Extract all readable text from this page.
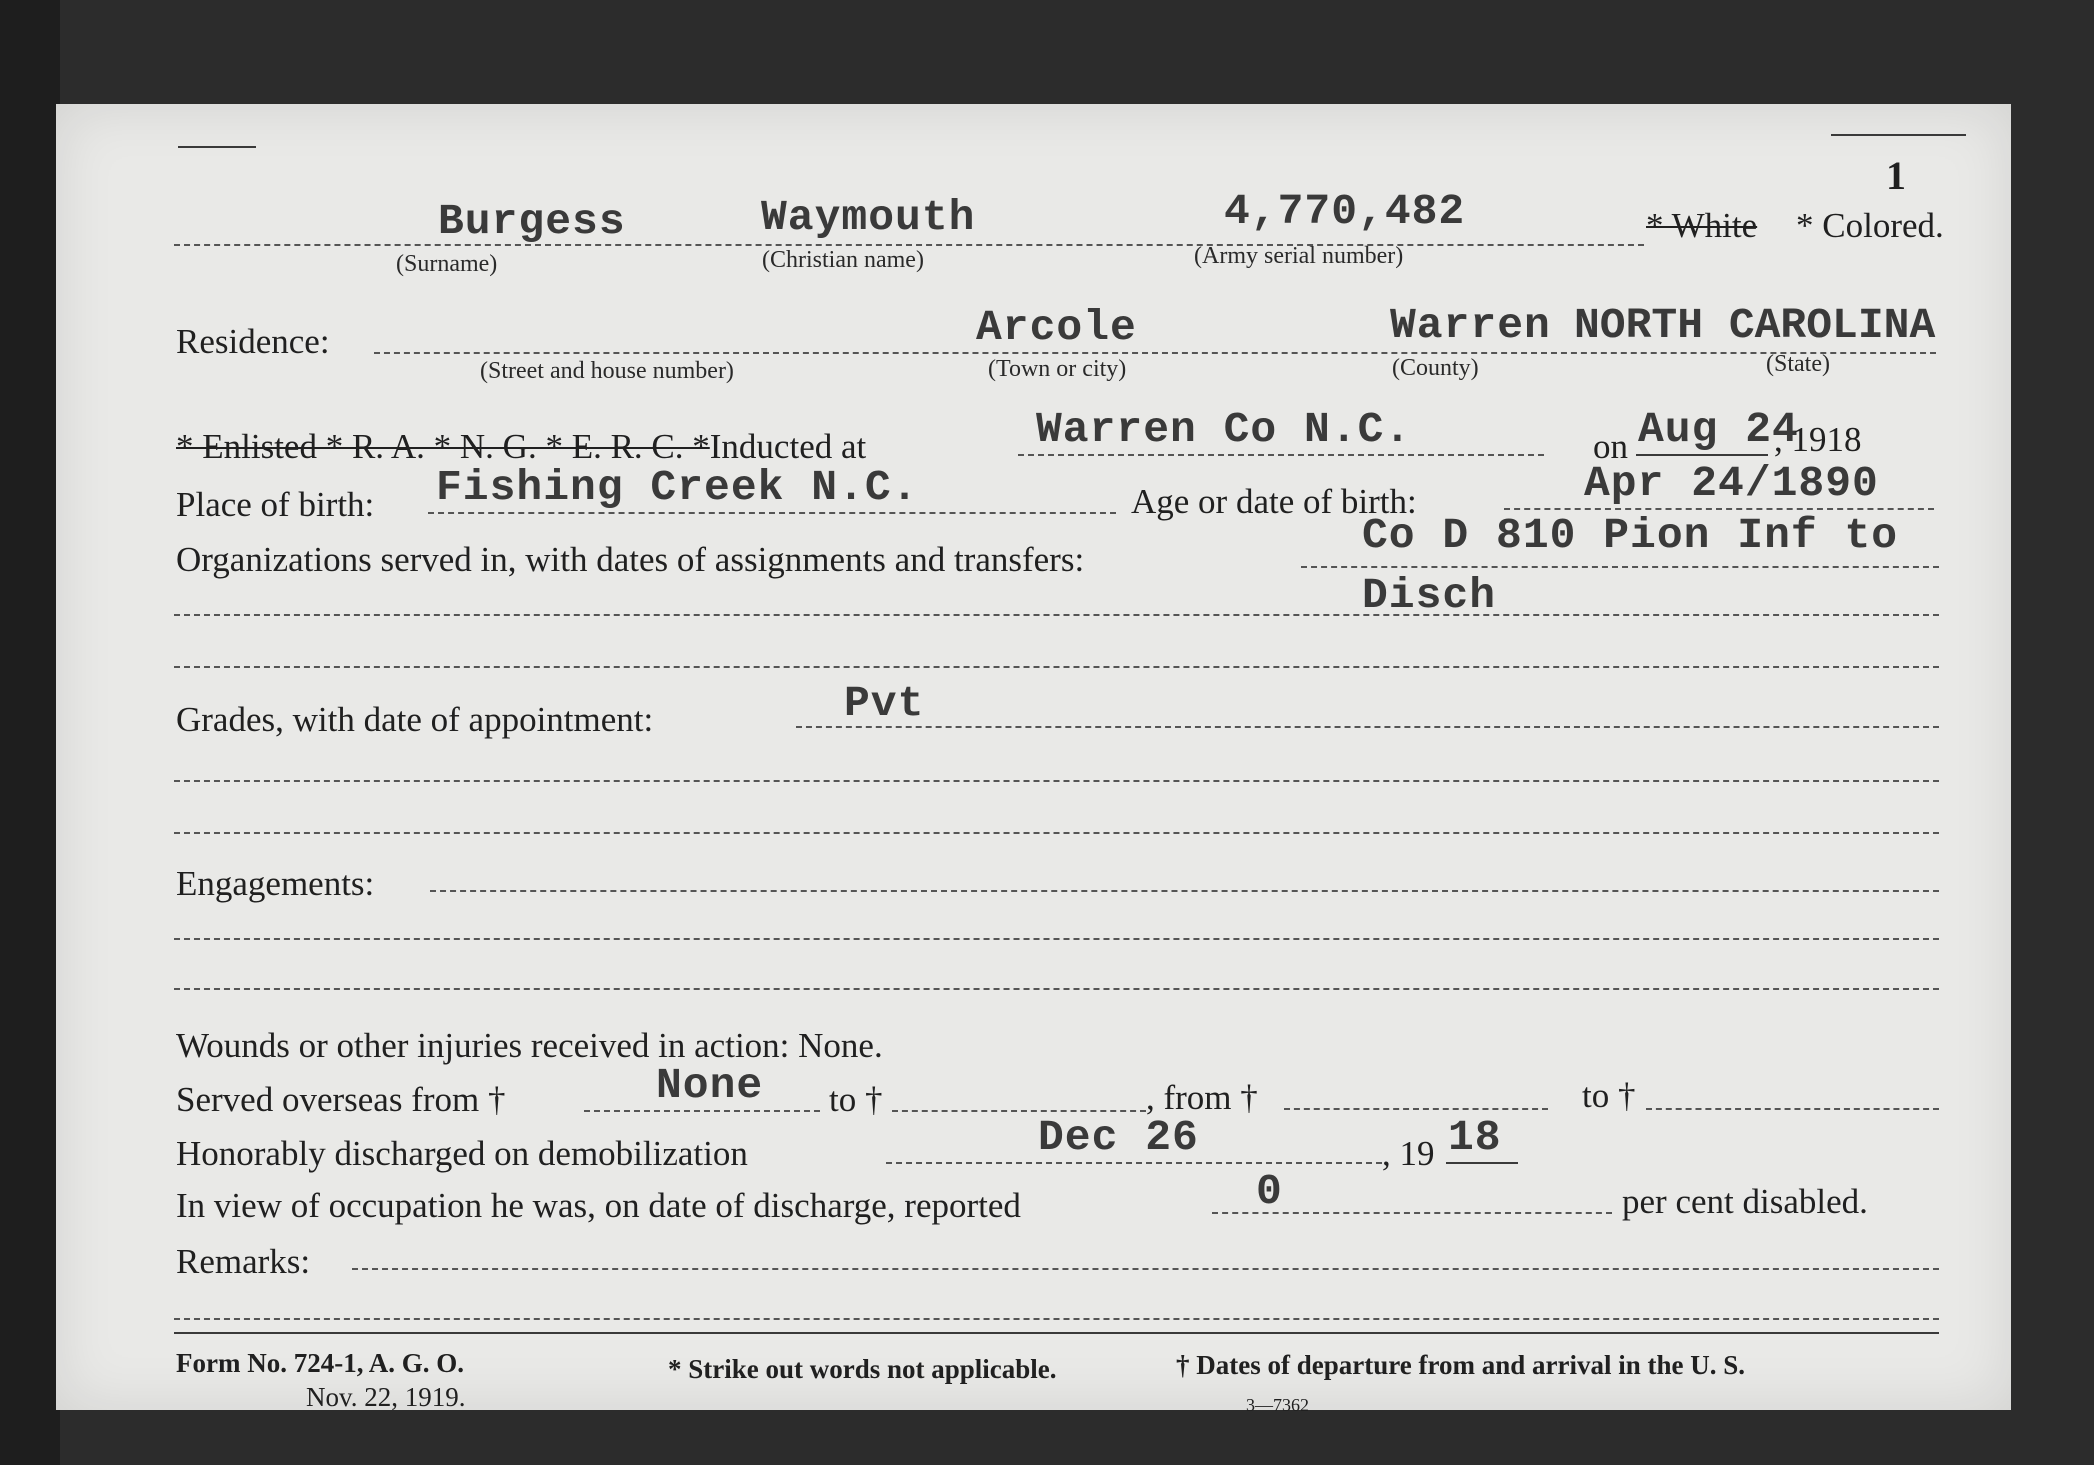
1
Burgess	Waymouth	4,770,482	* White * Colored.
(Surname)	(Christian name)	(Army serial number)
Residence:	Arcole	Warren NORTH CAROLINA
(Street and house number)	(Town or city)	(County)	(State)
* Enlisted * R. A. * N. G. * E. R. C. *Inducted at	Warren Co N.C.	on Aug 24
, 1918
Place of birth: Fishing Creek N.C.	Age or date of birth:	Apr 24/1890
Organizations served in, with dates of assignments and transfers:	Co D 810 Pion Inf to
Disch
Grades, with date of appointment:	Pvt
Engagements:
Wounds or other injuries received in action: None.
Served overseas from †	None to †	, from †	to †
Honorably discharged on demobilization	Dec 26	, 19 18
In view of occupation he was, on date of discharge, reported	0	per cent disabled.
Remarks:
Form No. 724-1, A. G. O.
Nov. 22, 1919.
* Strike out words not applicable.	† Dates of departure from and arrival in the U. S.
3—7362
